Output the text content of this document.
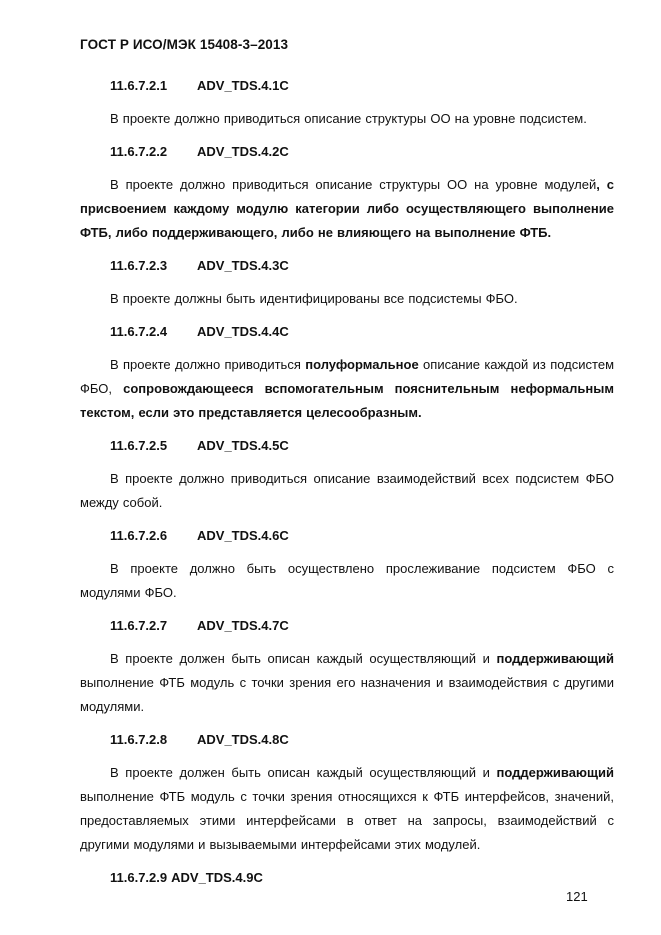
ГОСТ Р ИСО/МЭК 15408-3–2013
11.6.7.2.1 ADV_TDS.4.1C

В проекте должно приводиться описание структуры ОО на уровне подсистем.

11.6.7.2.2 ADV_TDS.4.2C

В проекте должно приводиться описание структуры ОО на уровне модулей, с присвоением каждому модулю категории либо осуществляющего выполнение ФТБ, либо поддерживающего, либо не влияющего на выполнение ФТБ.

11.6.7.2.3 ADV_TDS.4.3C

В проекте должны быть идентифицированы все подсистемы ФБО.

11.6.7.2.4 ADV_TDS.4.4C

В проекте должно приводиться полуформальное описание каждой из подсистем ФБО, сопровождающееся вспомогательным пояснительным неформальным текстом, если это представляется целесообразным.

11.6.7.2.5 ADV_TDS.4.5C

В проекте должно приводиться описание взаимодействий всех подсистем ФБО между собой.

11.6.7.2.6 ADV_TDS.4.6C

В проекте должно быть осуществлено прослеживание подсистем ФБО с модулями ФБО.

11.6.7.2.7 ADV_TDS.4.7C

В проекте должен быть описан каждый осуществляющий и поддерживающий выполнение ФТБ модуль с точки зрения его назначения и взаимодействия с другими модулями.

11.6.7.2.8 ADV_TDS.4.8C

В проекте должен быть описан каждый осуществляющий и поддерживающий выполнение ФТБ модуль с точки зрения относящихся к ФТБ интерфейсов, значений, предоставляемых этими интерфейсами в ответ на запросы, взаимодействий с другими модулями и вызываемыми интерфейсами этих модулей.

11.6.7.2.9 ADV_TDS.4.9C
121
